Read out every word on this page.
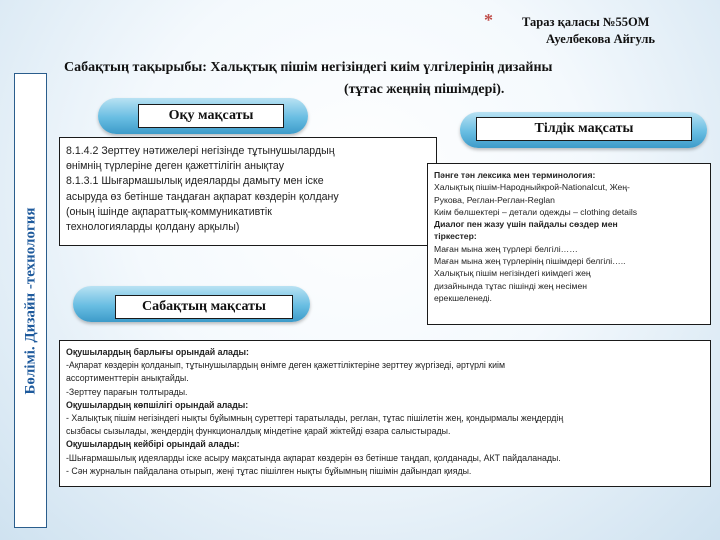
*	Тараз қаласы №55ОМ
Ауелбекова Айгуль
Сабақтың тақырыбы: Хальқтық пішім негізіндегі киім үлгілерінің дизайны
(тұтас жеңнің пішімдері).
Бөлімі. Дизайн -технология
Оқу мақсаты
8.1.4.2 Зерттеу нәтижелері негізінде тұтынушылардың
өнімнің түрлеріне деген қажеттілігін анықтау
8.1.3.1 Шығармашылық идеяларды дамыту мен іске
асыруда өз бетінше таңдаған ақпарат көздерін қолдану
(оның ішінде ақпараттық-коммуникативтік
технологияларды қолдану арқылы)
Тілдік мақсаты
Пәнге тән лексика мен терминология:
Халықтық пішім-Народныйкрой-Nationalcut, Жең-
Рукова, Реглан-Реглан-Reglan
Киім бөлшектері – детали одежды – clothing details
Диалог пен жазу үшін пайдалы сөздер мен
тіркестер:
Маған мына жең түрлері белгілі……
Маған мына жең түрлерінің пішімдері белгілі…..
Халықтық пішім негізіндегі киімдегі жең
дизайнында тұтас пішінді жең несімен
ерекшеленеді.
Сабақтың мақсаты
Оқушылардың барлығы орындай алады:
-Ақпарат көздерін қолданып, тұтынушылардың өнімге деген қажеттіліктеріне зерттеу жүргізеді, әртүрлі киім
ассортименттерін анықтайды.
-Зерттеу парағын толтырады.
Оқушылардың көпшілігі орындай алады:
- Халықтық пішім негізіндегі нықты бұйымның суреттері таратылады, реглан, тұтас пішілетін жең, қондырмалы жеңдердің
сызбасы сызылады, жеңдердің функционалдық міндетіне қарай жіктейді өзара салыстырады.
Оқушылардың кейбірі орындай алады:
-Шығармашылық идеяларды іске асыру мақсатында ақпарат көздерін өз бетінше таңдап, қолданады, АКТ пайдаланады.
- Сән журналын пайдалана отырып, жеңі тұтас пішілген нықты бұйымның пішімін дайындап қияды.
